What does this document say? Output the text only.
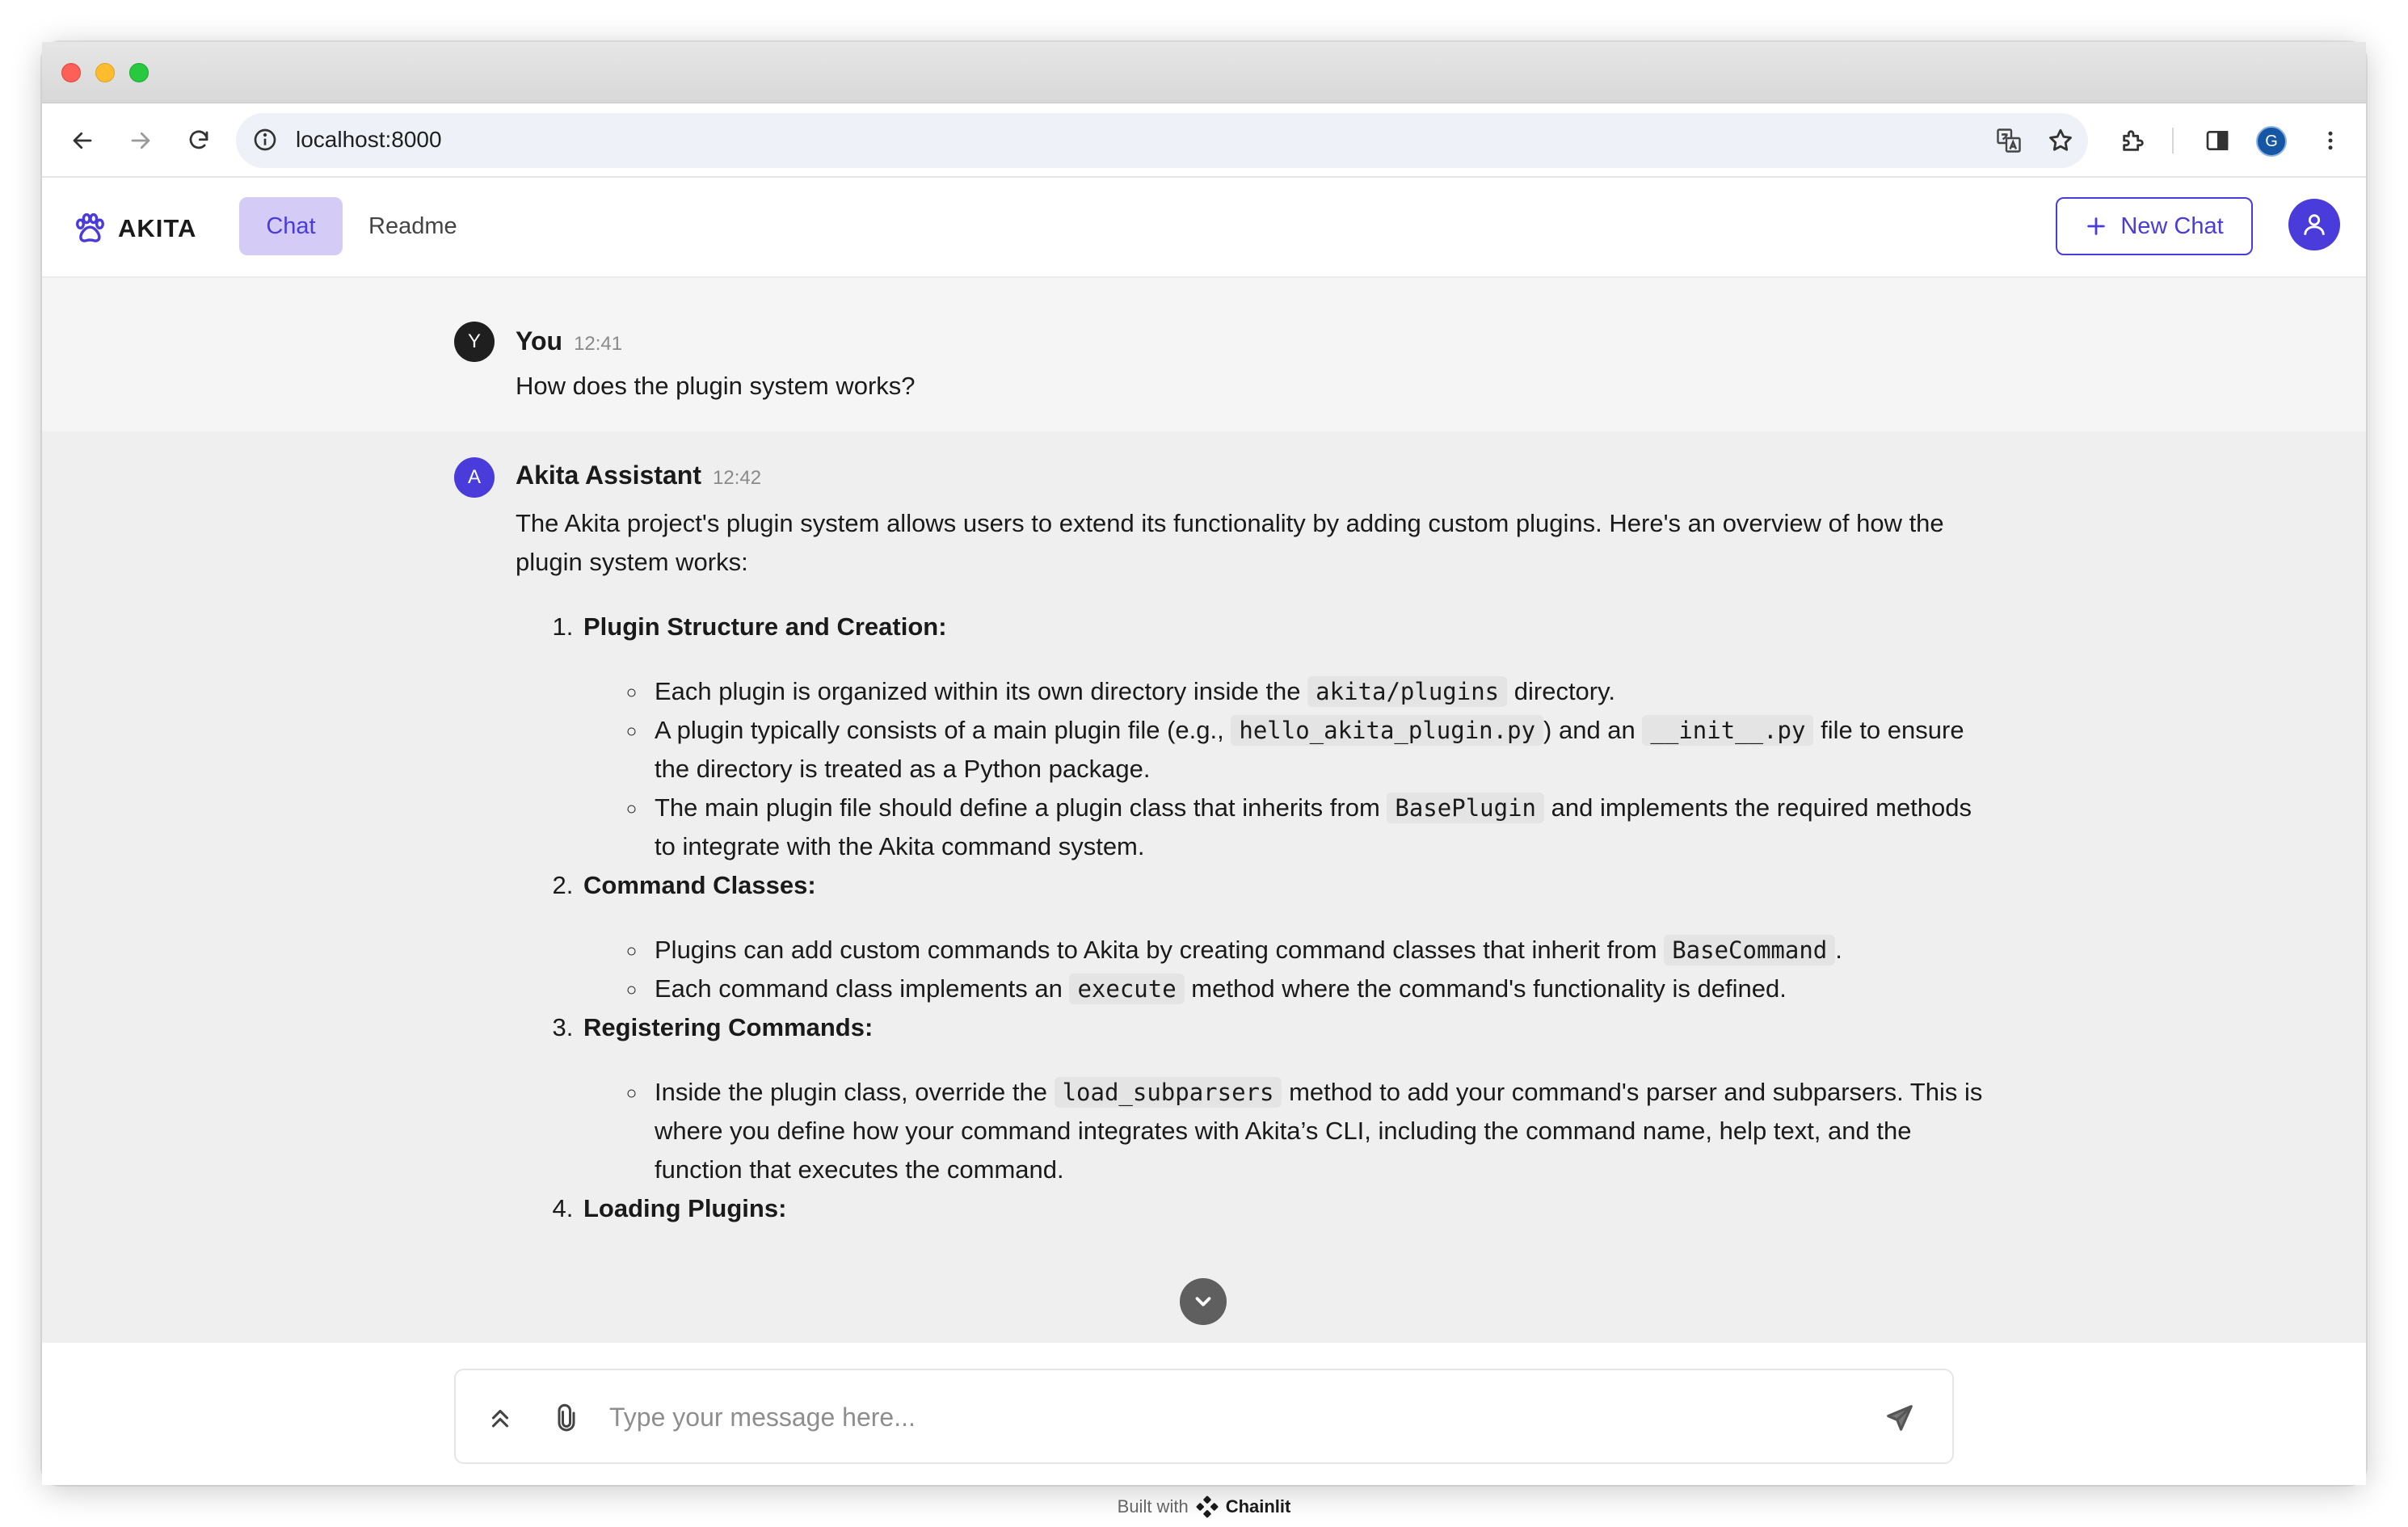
localhost:8000	G
AKITA	Chat	Readme	New Chat
Y	You 12:41
How does the plugin system works?
A	Akita Assistant 12:42

The Akita project's plugin system allows users to extend its functionality by adding custom plugins. Here's an overview of how the plugin system works:

1. Plugin Structure and Creation:
◦ Each plugin is organized within its own directory inside the akita/plugins directory.
◦ A plugin typically consists of a main plugin file (e.g., hello_akita_plugin.py ) and an __init__.py file to ensure the directory is treated as a Python package.
◦ The main plugin file should define a plugin class that inherits from BasePlugin and implements the required methods to integrate with the Akita command system.
2. Command Classes:
◦ Plugins can add custom commands to Akita by creating command classes that inherit from BaseCommand .
◦ Each command class implements an execute method where the command's functionality is defined.
3. Registering Commands:
◦ Inside the plugin class, override the load_subparsers method to add your command's parser and subparsers. This is where you define how your command integrates with Akita’s CLI, including the command name, help text, and the function that executes the command.
4. Loading Plugins:
Type your message here...
Built with Chainlit
